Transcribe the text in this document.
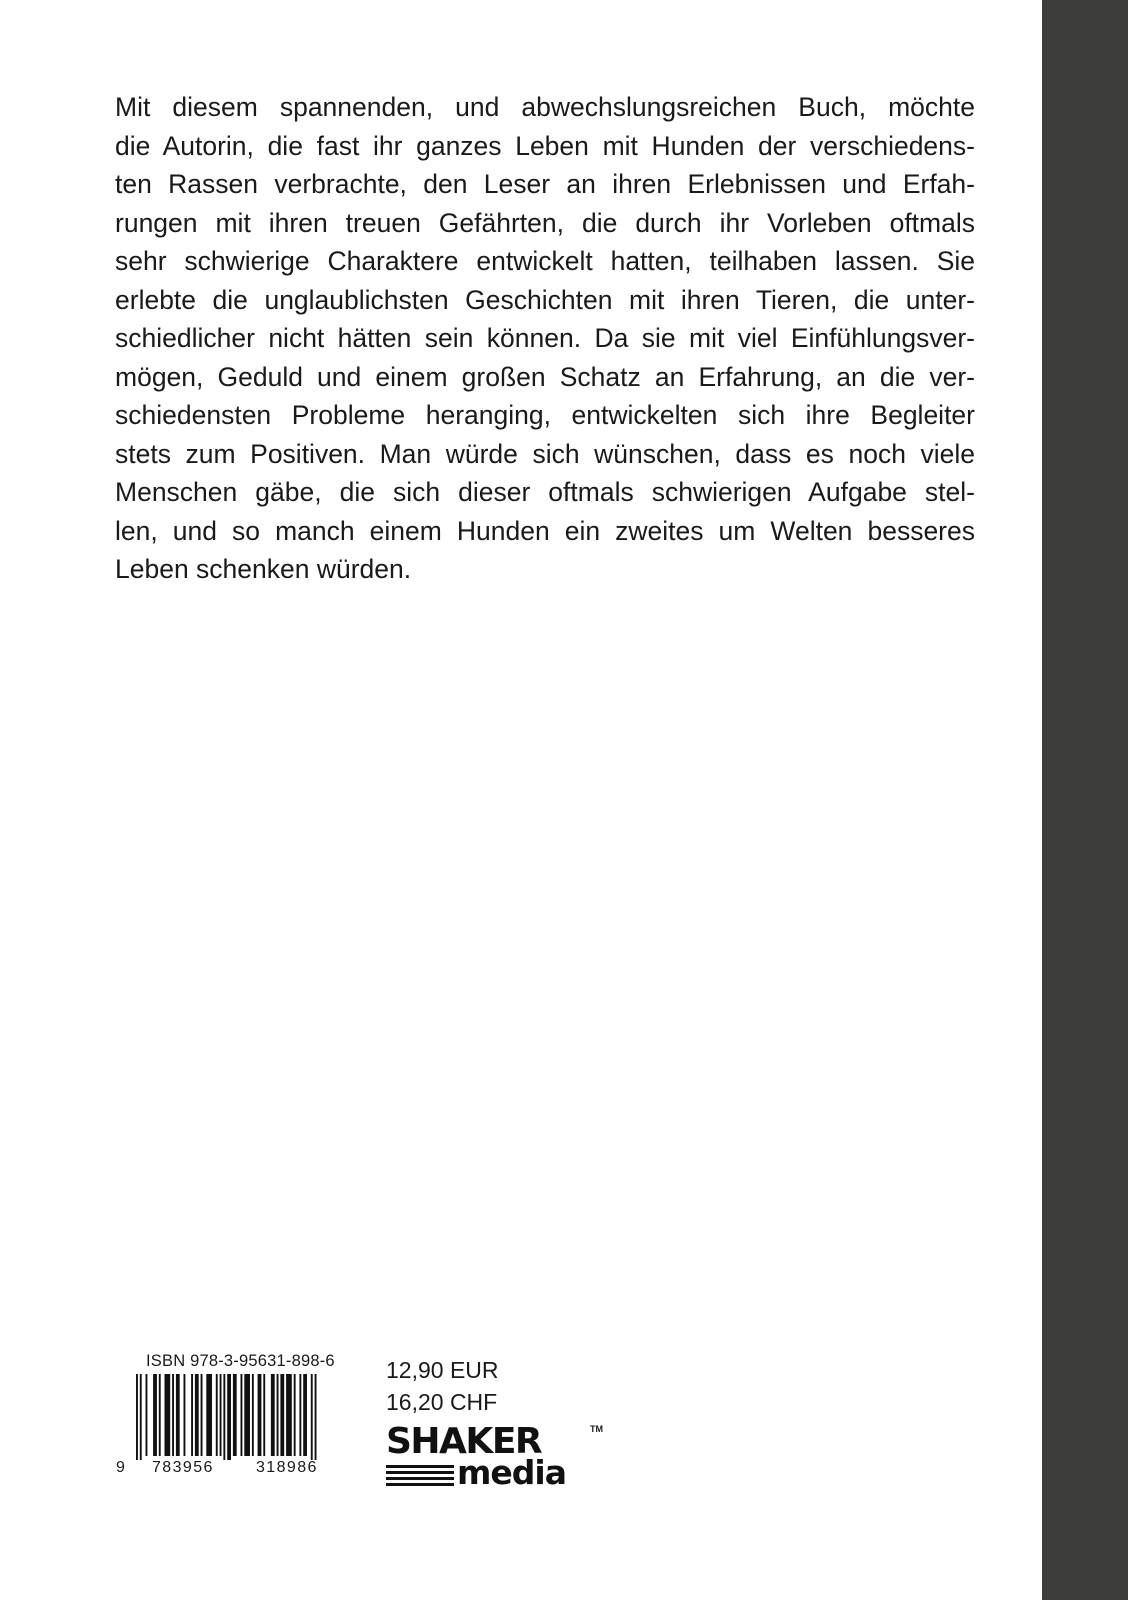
Mit diesem spannenden, und abwechslungsreichen Buch, möchte
die Autorin, die fast ihr ganzes Leben mit Hunden der verschiedens-
ten Rassen verbrachte, den Leser an ihren Erlebnissen und Erfah-
rungen mit ihren treuen Gefährten, die durch ihr Vorleben oftmals
sehr schwierige Charaktere entwickelt hatten, teilhaben lassen. Sie
erlebte die unglaublichsten Geschichten mit ihren Tieren, die unter-
schiedlicher nicht hätten sein können. Da sie mit viel Einfühlungsver-
mögen, Geduld und einem großen Schatz an Erfahrung, an die ver-
schiedensten Probleme heranging, entwickelten sich ihre Begleiter
stets zum Positiven. Man würde sich wünschen, dass es noch viele
Menschen gäbe, die sich dieser oftmals schwierigen Aufgabe stel-
len, und so manch einem Hunden ein zweites um Welten besseres
Leben schenken würden.
ISBN 978-3-95631-898-6
9 783956	318986
12,90 EUR
16,20 CHF
SHAKER	TM
media
